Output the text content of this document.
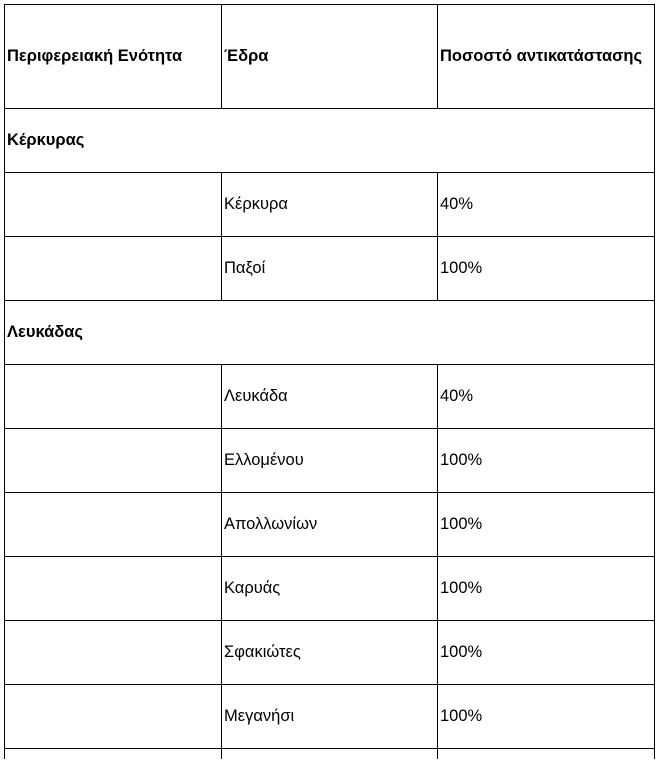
Περιφερειακή Ενότητα	Έδρα	Ποσοστό αντικατάστασης
Κέρκυρας		
	Κέρκυρα	40%
	Παξοί	100%
Λευκάδας		
	Λευκάδα	40%
	Ελλομένου	100%
	Απολλωνίων	100%
	Καρυάς	100%
	Σφακιώτες	100%
	Μεγανήσι	100%
